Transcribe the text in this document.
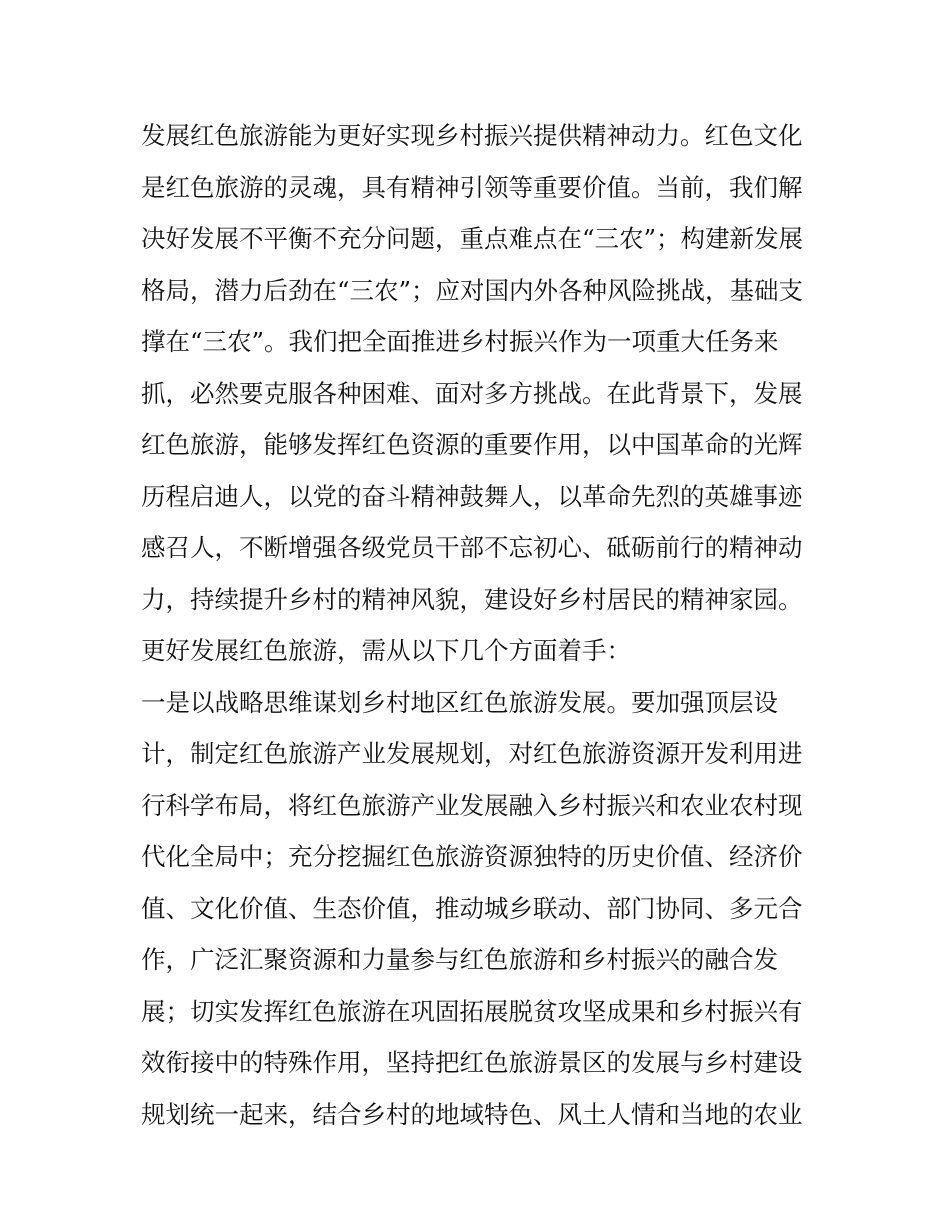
发展红色旅游能为更好实现乡村振兴提供精神动力。红色文化
是红色旅游的灵魂，具有精神引领等重要价值。当前，我们解
决好发展不平衡不充分问题，重点难点在“三农”；构建新发展
格局，潜力后劲在“三农”；应对国内外各种风险挑战，基础支
撑在“三农”。我们把全面推进乡村振兴作为一项重大任务来
抓，必然要克服各种困难、面对多方挑战。在此背景下，发展
红色旅游，能够发挥红色资源的重要作用，以中国革命的光辉
历程启迪人，以党的奋斗精神鼓舞人，以革命先烈的英雄事迹
感召人，不断增强各级党员干部不忘初心、砥砺前行的精神动
力，持续提升乡村的精神风貌，建设好乡村居民的精神家园。
更好发展红色旅游，需从以下几个方面着手：
一是以战略思维谋划乡村地区红色旅游发展。要加强顶层设
计，制定红色旅游产业发展规划，对红色旅游资源开发利用进
行科学布局，将红色旅游产业发展融入乡村振兴和农业农村现
代化全局中；充分挖掘红色旅游资源独特的历史价值、经济价
值、文化价值、生态价值，推动城乡联动、部门协同、多元合
作，广泛汇聚资源和力量参与红色旅游和乡村振兴的融合发
展；切实发挥红色旅游在巩固拓展脱贫攻坚成果和乡村振兴有
效衔接中的特殊作用，坚持把红色旅游景区的发展与乡村建设
规划统一起来，结合乡村的地域特色、风土人情和当地的农业
